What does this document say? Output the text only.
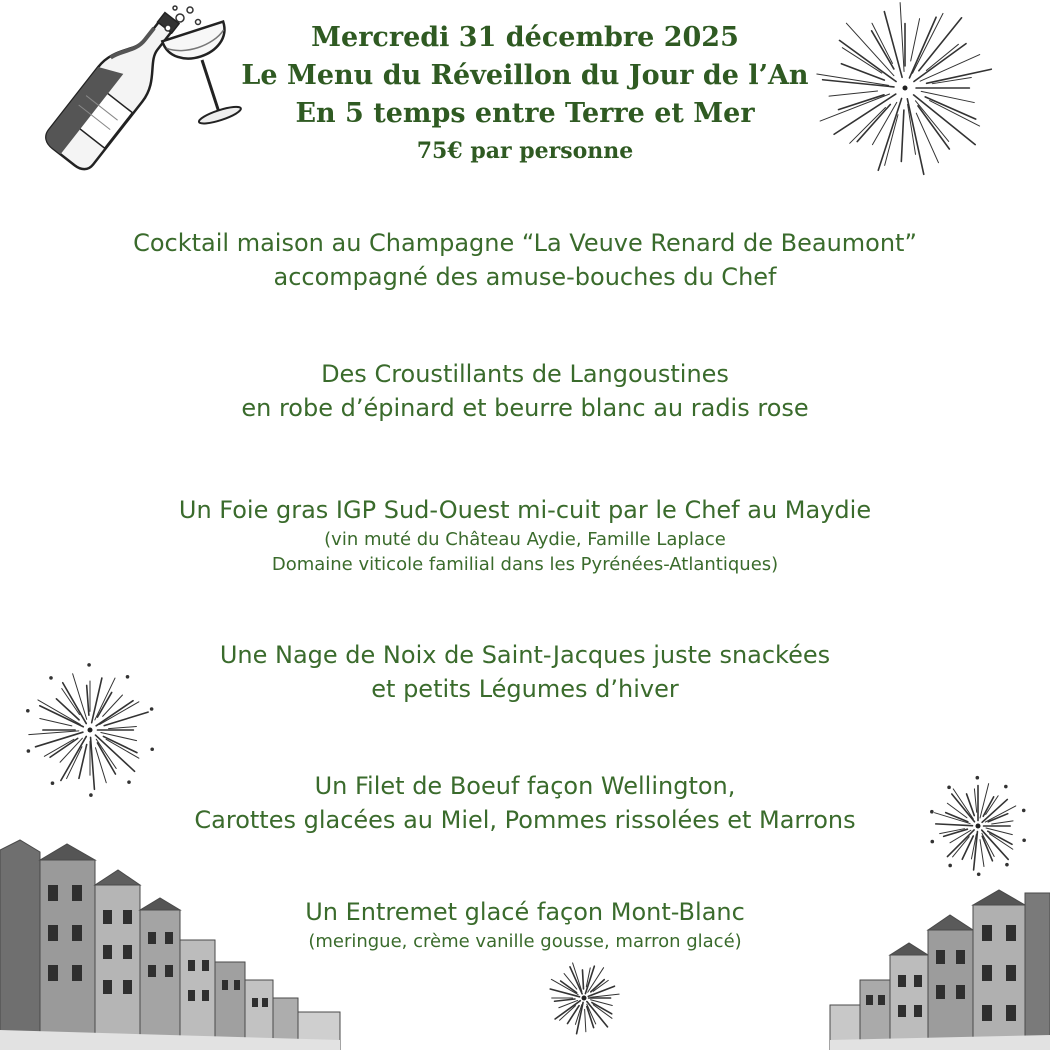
Mercredi 31 décembre 2025
Le Menu du Réveillon du Jour de l’An
En 5 temps entre Terre et Mer
75€ par personne
Cocktail maison au Champagne “La Veuve Renard de Beaumont”
accompagné des amuse-bouches du Chef
Des Croustillants de Langoustines
en robe d’épinard et beurre blanc au radis rose
Un Foie gras IGP Sud-Ouest mi-cuit par le Chef au Maydie
(vin muté du Château Aydie, Famille Laplace
Domaine viticole familial dans les Pyrénées-Atlantiques)
Une Nage de Noix de Saint-Jacques juste snackées
et petits Légumes d’hiver
Un Filet de Boeuf façon Wellington,
Carottes glacées au Miel, Pommes rissolées et Marrons
Un Entremet glacé façon Mont-Blanc
(meringue, crème vanille gousse, marron glacé)
